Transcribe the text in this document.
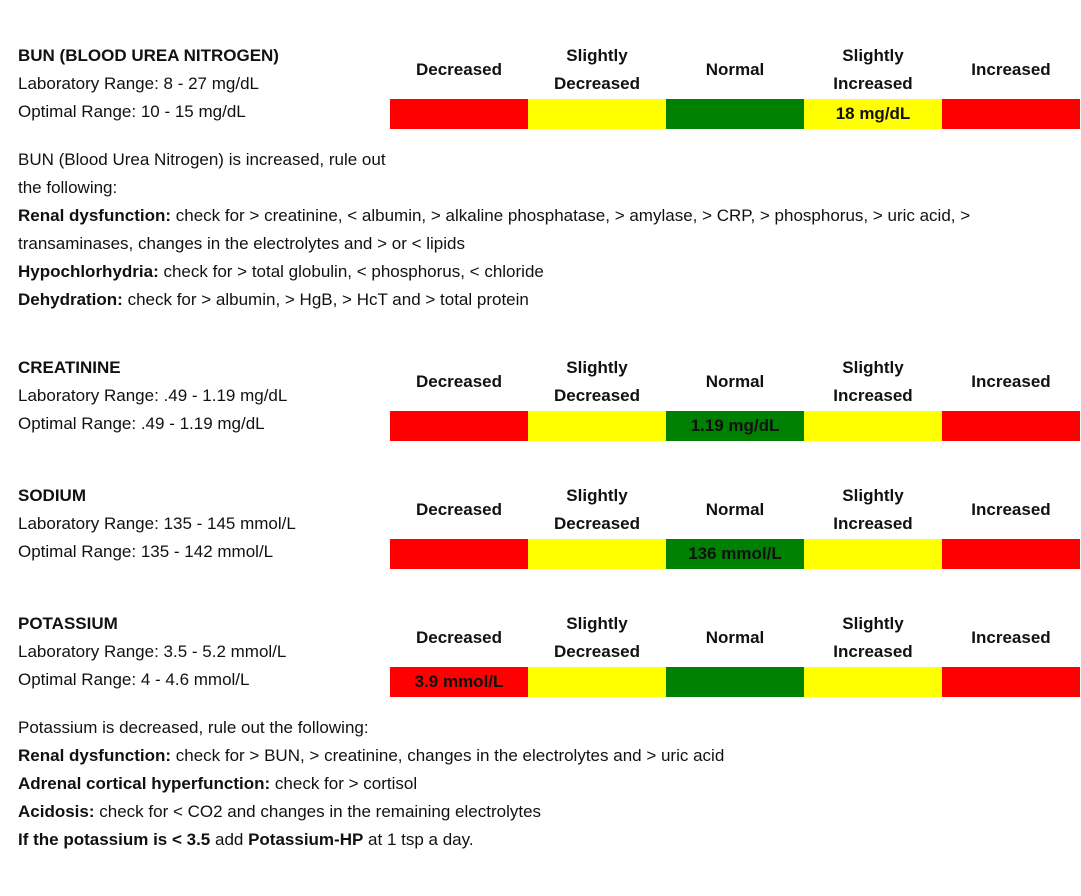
BUN (BLOOD UREA NITROGEN)
Laboratory Range: 8 - 27 mg/dL
Optimal Range: 10 - 15 mg/dL
Decreased
Slightly
Decreased
Normal
Slightly
Increased
Increased
18 mg/dL
BUN (Blood Urea Nitrogen) is increased, rule out the following:
Renal dysfunction: check for > creatinine, < albumin, > alkaline phosphatase, > amylase, > CRP, > phosphorus, > uric acid, >
transaminases, changes in the electrolytes and > or < lipids
Hypochlorhydria: check for > total globulin, < phosphorus, < chloride
Dehydration: check for > albumin, > HgB, > HcT and > total protein
CREATININE
Laboratory Range: .49 - 1.19 mg/dL
Optimal Range: .49 - 1.19 mg/dL
Decreased
Slightly
Decreased
Normal
Slightly
Increased
Increased
1.19 mg/dL
SODIUM
Laboratory Range: 135 - 145 mmol/L
Optimal Range: 135 - 142 mmol/L
Decreased
Slightly
Decreased
Normal
Slightly
Increased
Increased
136 mmol/L
POTASSIUM
Laboratory Range: 3.5 - 5.2 mmol/L
Optimal Range: 4 - 4.6 mmol/L
Decreased
Slightly
Decreased
Normal
Slightly
Increased
Increased
3.9 mmol/L
Potassium is decreased, rule out the following:
Renal dysfunction: check for > BUN, > creatinine, changes in the electrolytes and > uric acid
Adrenal cortical hyperfunction: check for > cortisol
Acidosis: check for < CO2 and changes in the remaining electrolytes
If the potassium is < 3.5 add Potassium-HP at 1 tsp a day.
